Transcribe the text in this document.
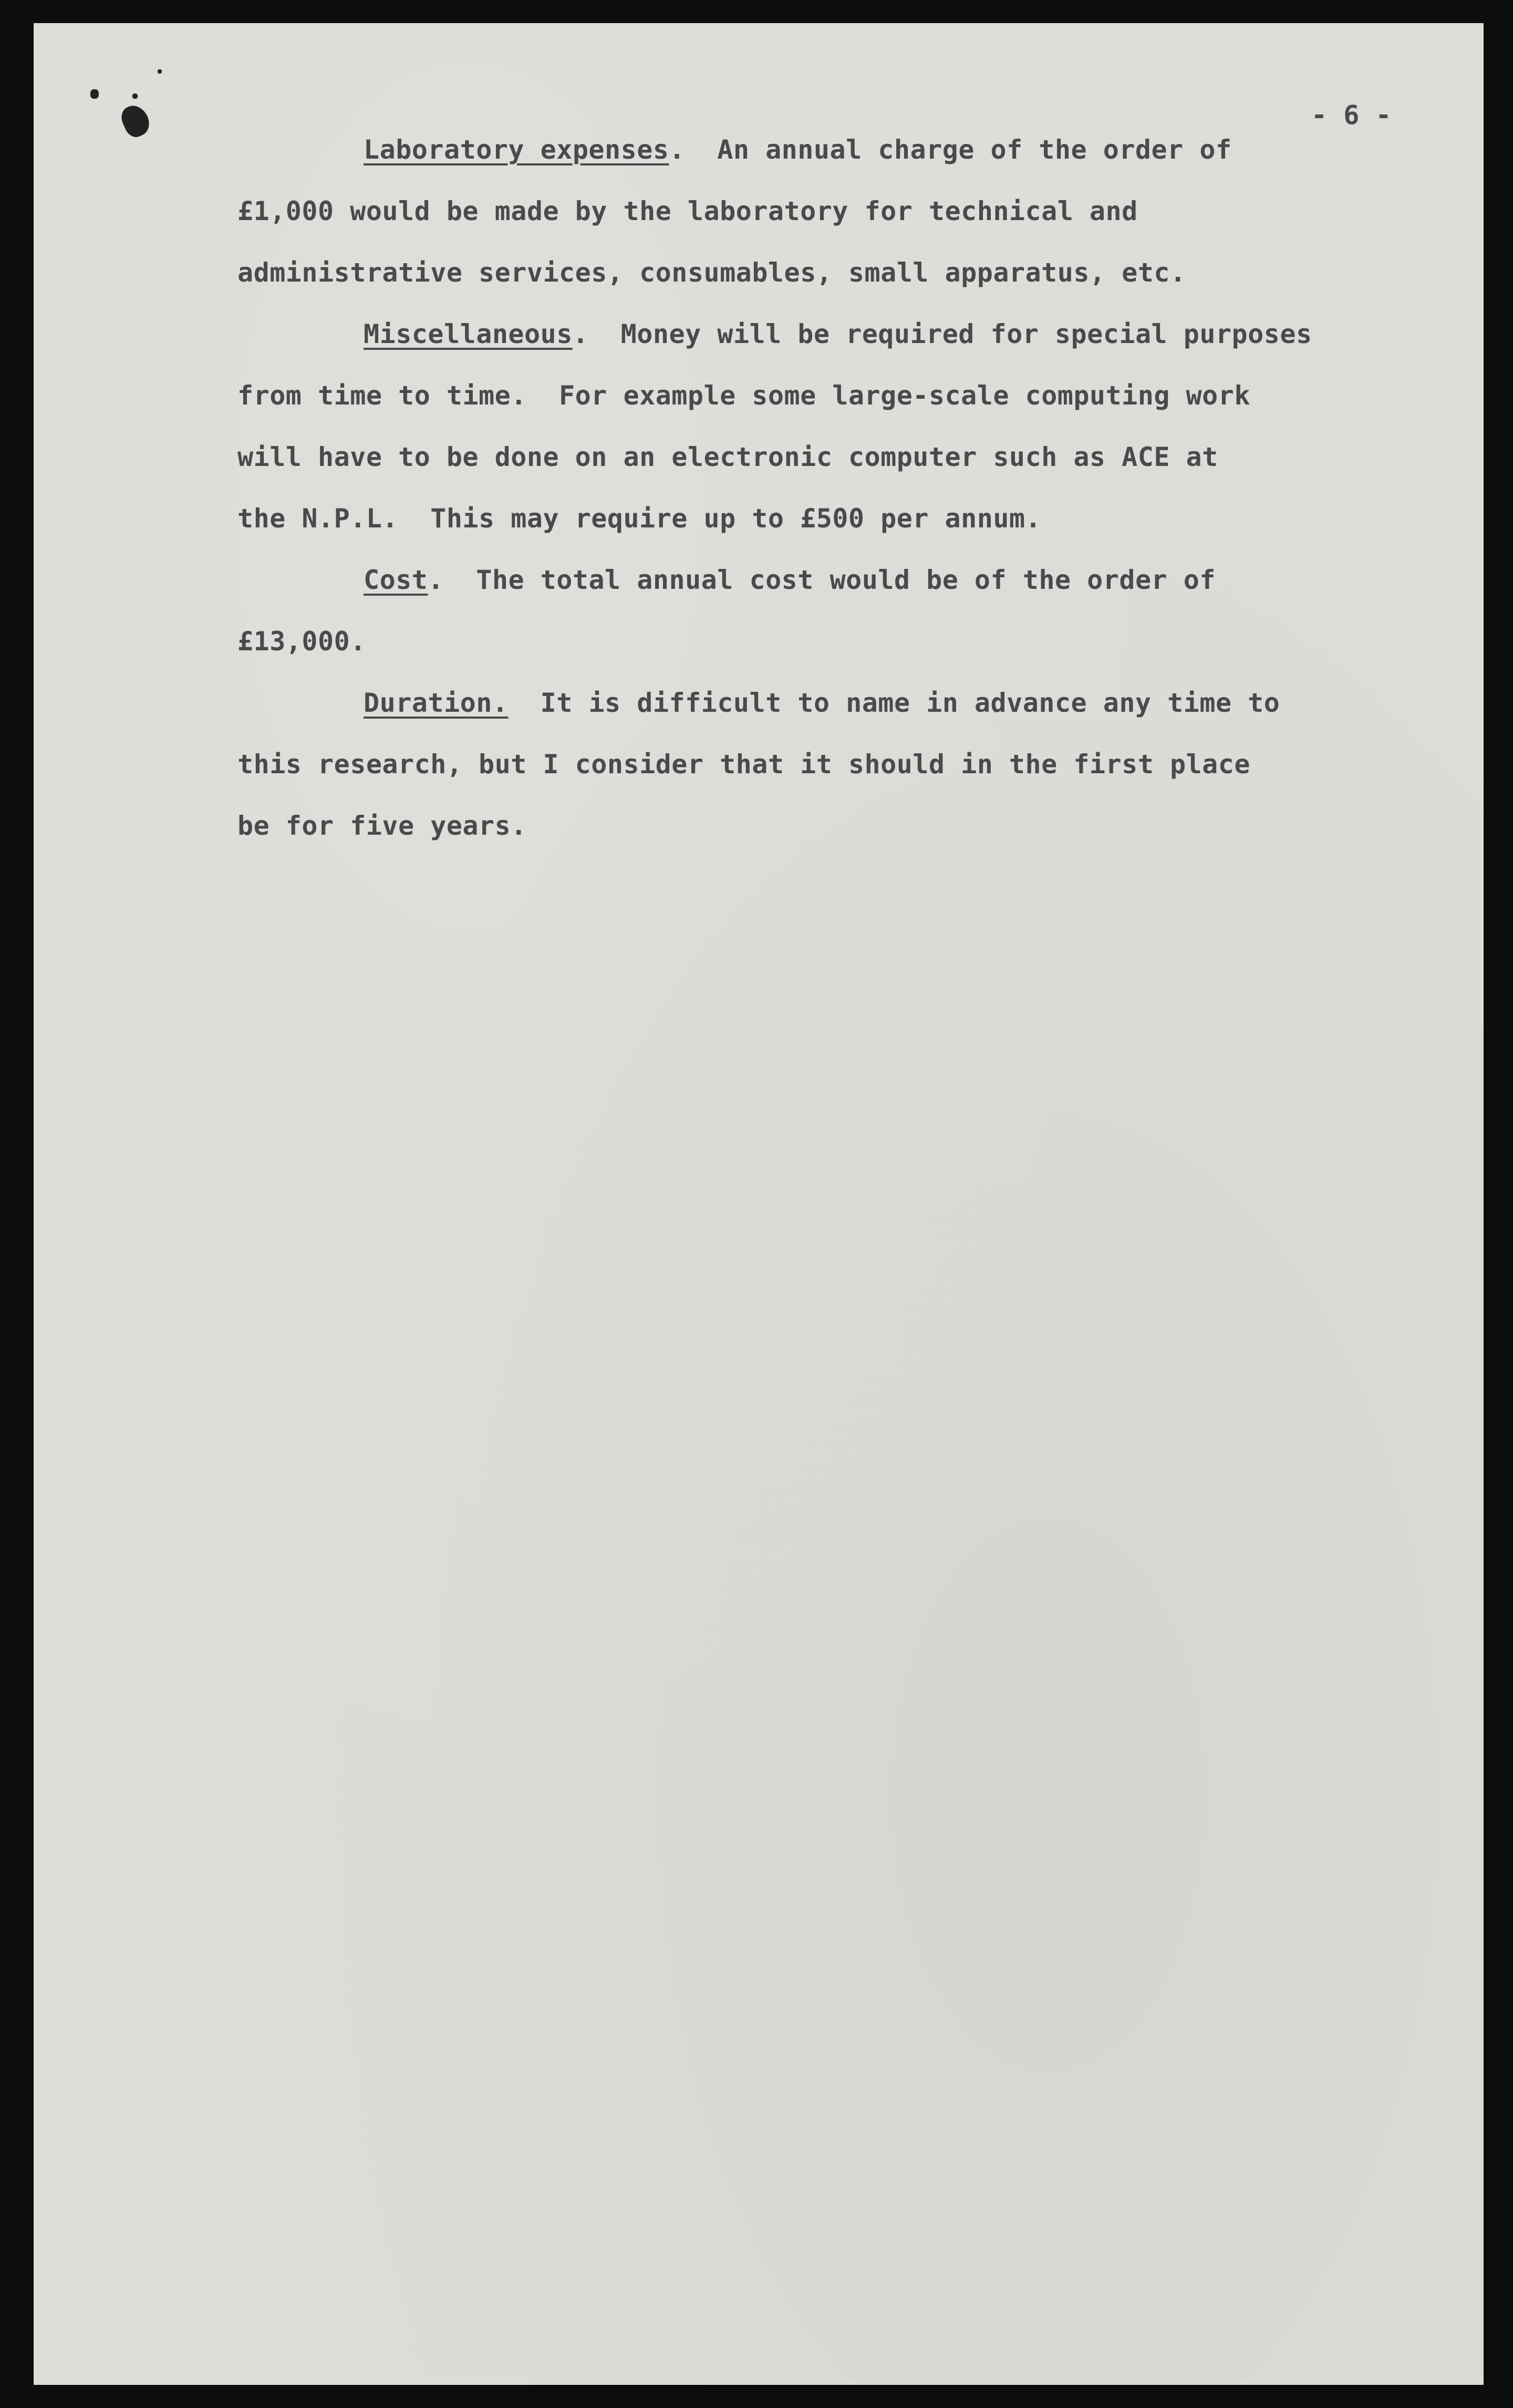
- 6 -
Laboratory expenses.  An annual charge of the order of
£1,000 would be made by the laboratory for technical and
administrative services, consumables, small apparatus, etc.
Miscellaneous.  Money will be required for special purposes
from time to time.  For example some large-scale computing work
will have to be done on an electronic computer such as ACE at
the N.P.L.  This may require up to £500 per annum.
Cost.  The total annual cost would be of the order of
£13,000.
Duration.  It is difficult to name in advance any time to
this research, but I consider that it should in the first place
be for five years.
